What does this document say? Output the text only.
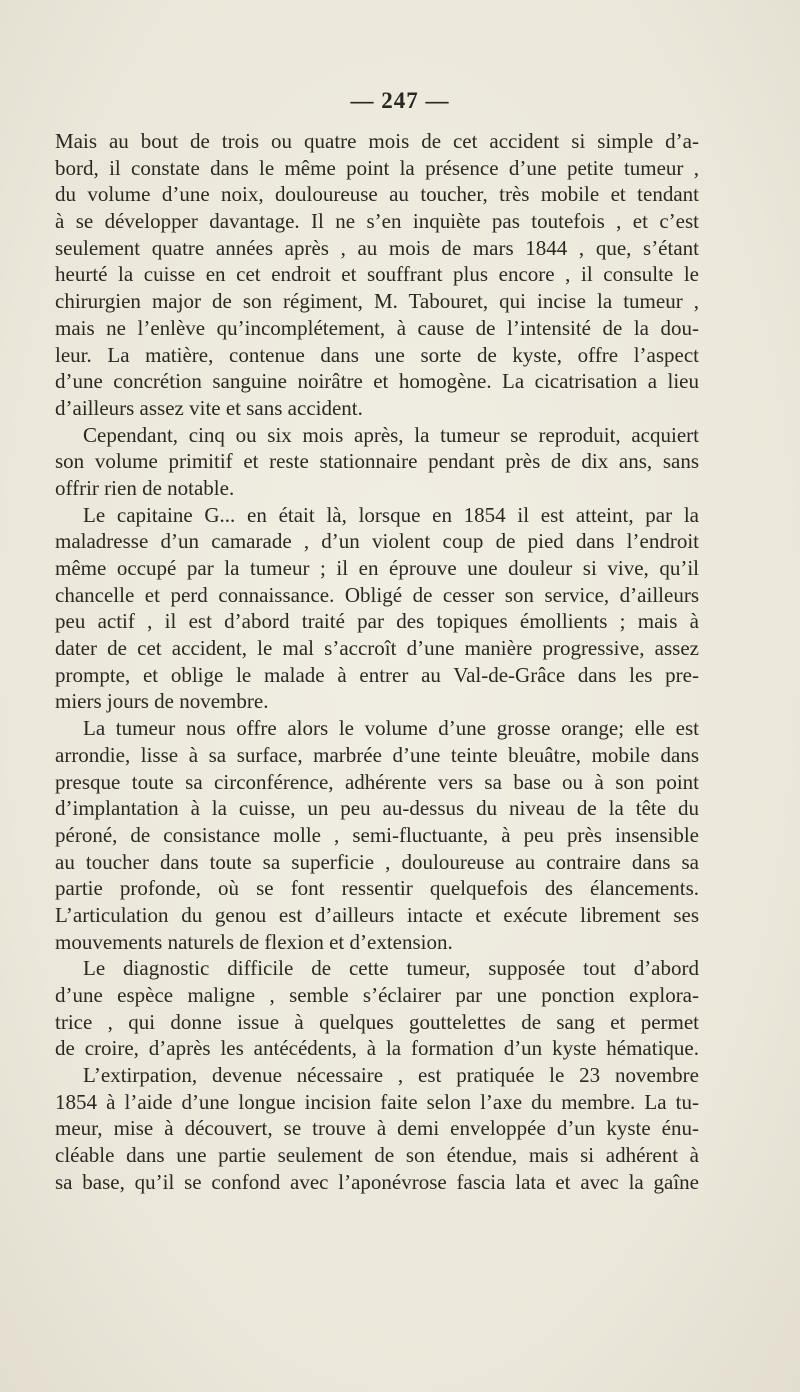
— 247 —
Mais au bout de trois ou quatre mois de cet accident si simple d’a-
bord, il constate dans le même point la présence d’une petite tumeur ,
du volume d’une noix, douloureuse au toucher, très mobile et tendant
à se développer davantage. Il ne s’en inquiète pas toutefois , et c’est
seulement quatre années après , au mois de mars 1844 , que, s’étant
heurté la cuisse en cet endroit et souffrant plus encore , il consulte le
chirurgien major de son régiment, M. Tabouret, qui incise la tumeur ,
mais ne l’enlève qu’incomplétement, à cause de l’intensité de la dou-
leur. La matière, contenue dans une sorte de kyste, offre l’aspect
d’une concrétion sanguine noirâtre et homogène. La cicatrisation a lieu
d’ailleurs assez vite et sans accident.
Cependant, cinq ou six mois après, la tumeur se reproduit, acquiert
son volume primitif et reste stationnaire pendant près de dix ans, sans
offrir rien de notable.
Le capitaine G... en était là, lorsque en 1854 il est atteint, par la
maladresse d’un camarade , d’un violent coup de pied dans l’endroit
même occupé par la tumeur ; il en éprouve une douleur si vive, qu’il
chancelle et perd connaissance. Obligé de cesser son service, d’ailleurs
peu actif , il est d’abord traité par des topiques émollients ; mais à
dater de cet accident, le mal s’accroît d’une manière progressive, assez
prompte, et oblige le malade à entrer au Val-de-Grâce dans les pre-
miers jours de novembre.
La tumeur nous offre alors le volume d’une grosse orange; elle est
arrondie, lisse à sa surface, marbrée d’une teinte bleuâtre, mobile dans
presque toute sa circonférence, adhérente vers sa base ou à son point
d’implantation à la cuisse, un peu au-dessus du niveau de la tête du
péroné, de consistance molle , semi-fluctuante, à peu près insensible
au toucher dans toute sa superficie , douloureuse au contraire dans sa
partie profonde, où se font ressentir quelquefois des élancements.
L’articulation du genou est d’ailleurs intacte et exécute librement ses
mouvements naturels de flexion et d’extension.
Le diagnostic difficile de cette tumeur, supposée tout d’abord
d’une espèce maligne , semble s’éclairer par une ponction explora-
trice , qui donne issue à quelques gouttelettes de sang et permet
de croire, d’après les antécédents, à la formation d’un kyste hématique.
L’extirpation, devenue nécessaire , est pratiquée le 23 novembre
1854 à l’aide d’une longue incision faite selon l’axe du membre. La tu-
meur, mise à découvert, se trouve à demi enveloppée d’un kyste énu-
cléable dans une partie seulement de son étendue, mais si adhérent à
sa base, qu’il se confond avec l’aponévrose fascia lata et avec la gaîne
